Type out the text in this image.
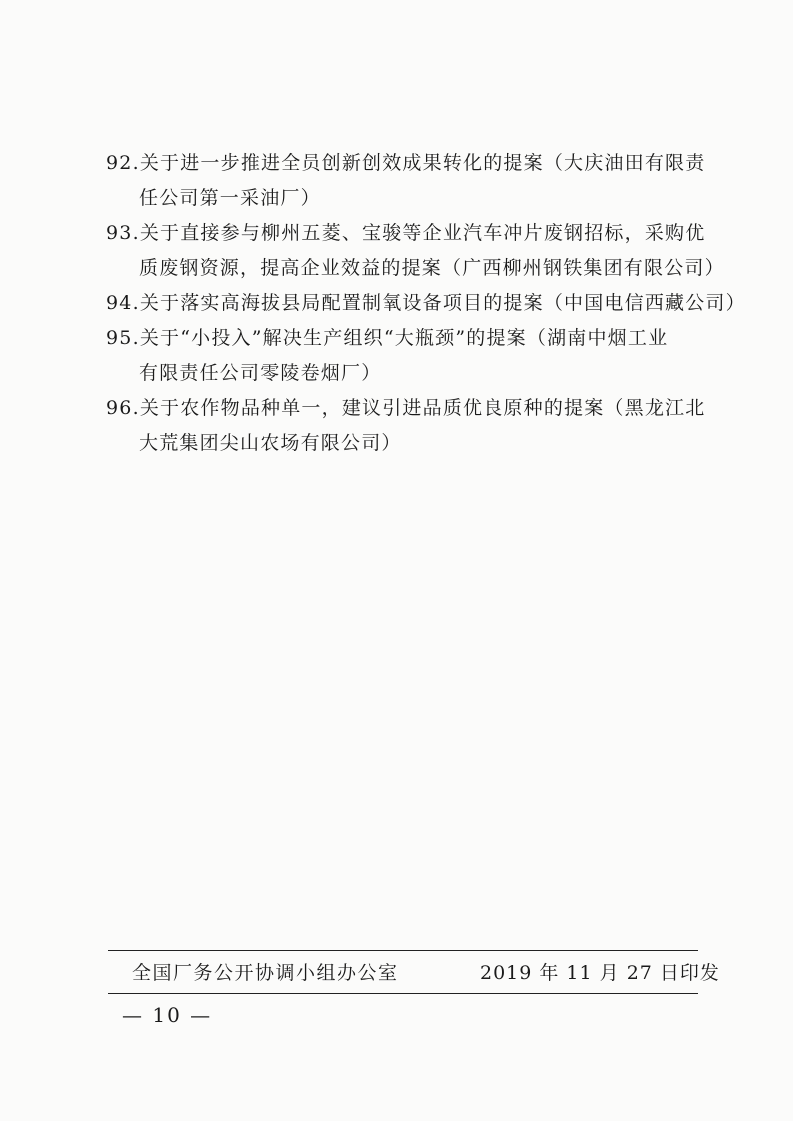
92.关于进一步推进全员创新创效成果转化的提案（大庆油田有限责
任公司第一采油厂）

93.关于直接参与柳州五菱、宝骏等企业汽车冲片废钢招标，采购优
质废钢资源，提高企业效益的提案（广西柳州钢铁集团有限公司）

94.关于落实高海拔县局配置制氧设备项目的提案（中国电信西藏公司）

95.关于“小投入”解决生产组织“大瓶颈”的提案（湖南中烟工业
有限责任公司零陵卷烟厂）

96.关于农作物品种单一，建议引进品质优良原种的提案（黑龙江北
大荒集团尖山农场有限公司）

全国厂务公开协调小组办公室	2019 年 11 月 27 日印发
— 10 —
